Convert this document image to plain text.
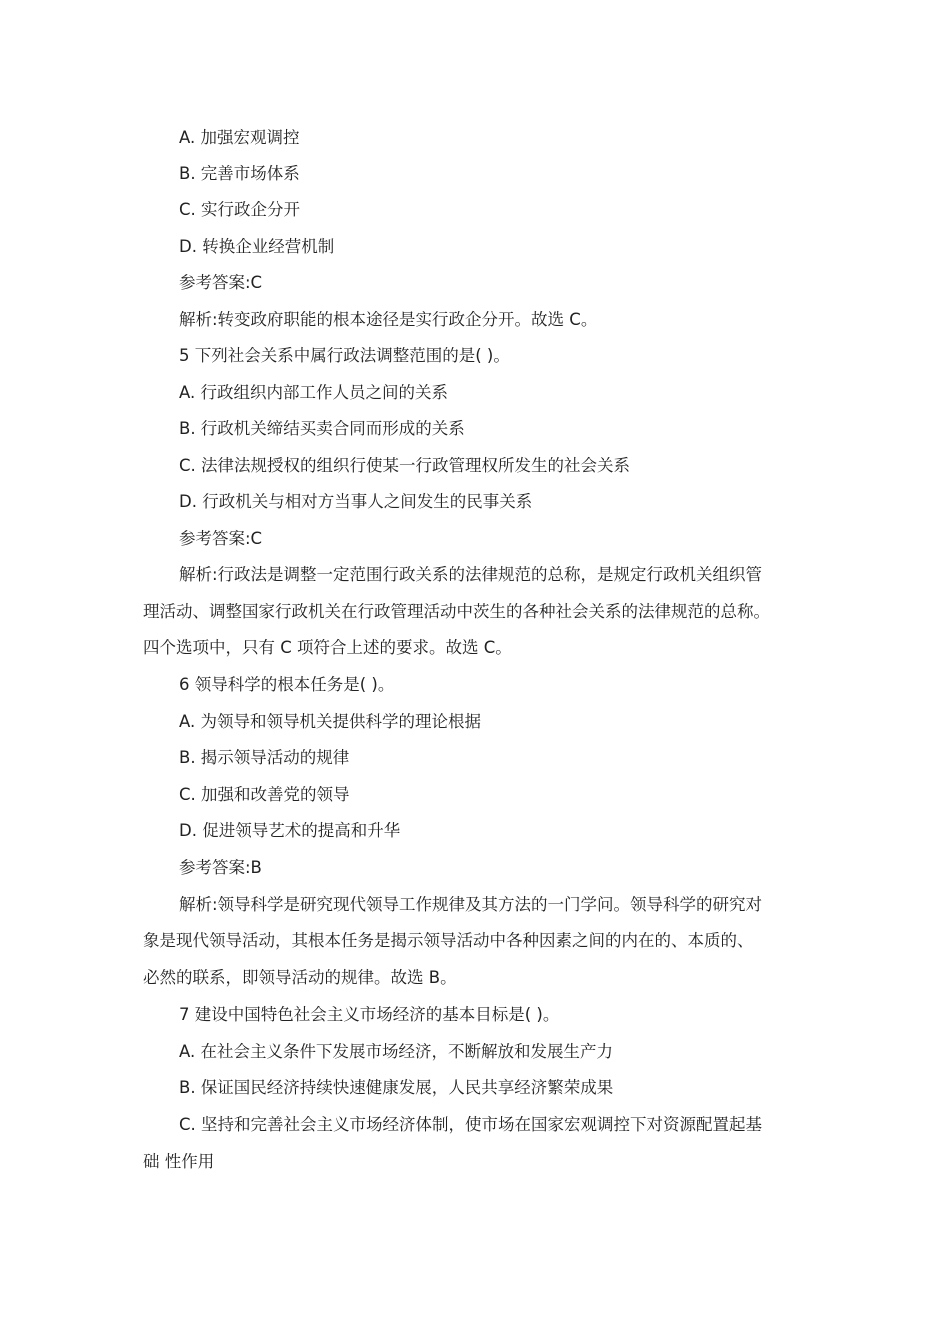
A. 加强宏观调控
B. 完善市场体系
C. 实行政企分开
D. 转换企业经营机制
参考答案:C
解析:转变政府职能的根本途径是实行政企分开。故选 C。
5 下列社会关系中属行政法调整范围的是( )。
A. 行政组织内部工作人员之间的关系
B. 行政机关缔结买卖合同而形成的关系
C. 法律法规授权的组织行使某一行政管理权所发生的社会关系
D. 行政机关与相对方当事人之间发生的民事关系
参考答案:C
解析:行政法是调整一定范围行政关系的法律规范的总称，是规定行政机关组织管
理活动、调整国家行政机关在行政管理活动中茨生的各种社会关系的法律规范的总称。
四个选项中，只有 C 项符合上述的要求。故选 C。
6 领导科学的根本任务是( )。
A. 为领导和领导机关提供科学的理论根据
B. 揭示领导活动的规律
C. 加强和改善党的领导
D. 促进领导艺术的提高和升华
参考答案:B
解析:领导科学是研究现代领导工作规律及其方法的一门学问。领导科学的研究对
象是现代领导活动，其根本任务是揭示领导活动中各种因素之间的内在的、本质的、
必然的联系，即领导活动的规律。故选 B。
7 建设中国特色社会主义市场经济的基本目标是( )。
A. 在社会主义条件下发展市场经济，不断解放和发展生产力
B. 保证国民经济持续快速健康发展，人民共享经济繁荣成果
C. 坚持和完善社会主义市场经济体制，使市场在国家宏观调控下对资源配置起基
础 性作用
